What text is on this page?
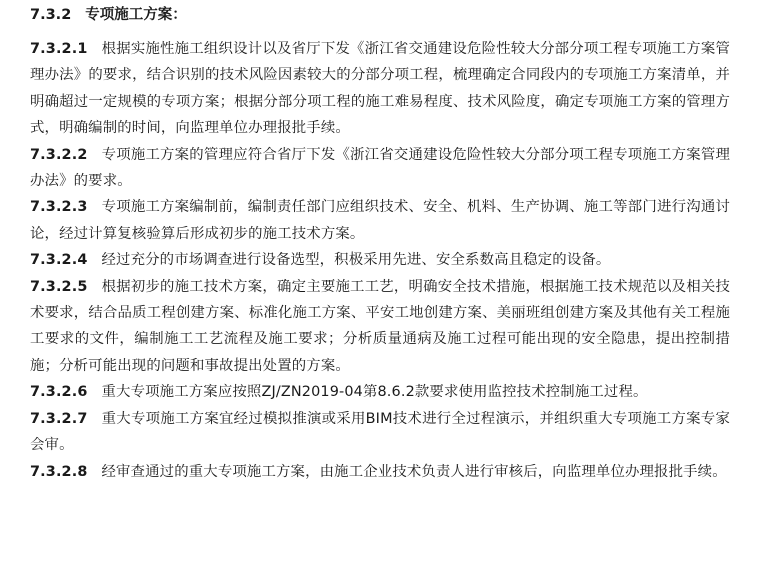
7.3.2 专项施工方案：

7.3.2.1 根据实施性施工组织设计以及省厅下发《浙江省交通建设危险性较大分部分项工程专项施工方案管理办法》的要求，结合识别的技术风险因素较大的分部分项工程，梳理确定合同段内的专项施工方案清单，并明确超过一定规模的专项方案；根据分部分项工程的施工难易程度、技术风险度，确定专项施工方案的管理方式，明确编制的时间，向监理单位办理报批手续。

7.3.2.2 专项施工方案的管理应符合省厅下发《浙江省交通建设危险性较大分部分项工程专项施工方案管理办法》的要求。

7.3.2.3 专项施工方案编制前，编制责任部门应组织技术、安全、机料、生产协调、施工等部门进行沟通讨论，经过计算复核验算后形成初步的施工技术方案。

7.3.2.4 经过充分的市场调查进行设备选型，积极采用先进、安全系数高且稳定的设备。

7.3.2.5 根据初步的施工技术方案，确定主要施工工艺，明确安全技术措施，根据施工技术规范以及相关技术要求，结合品质工程创建方案、标准化施工方案、平安工地创建方案、美丽班组创建方案及其他有关工程施工要求的文件，编制施工工艺流程及施工要求；分析质量通病及施工过程可能出现的安全隐患，提出控制措施；分析可能出现的问题和事故提出处置的方案。

7.3.2.6 重大专项施工方案应按照ZJ/ZN2019-04第8.6.2款要求使用监控技术控制施工过程。

7.3.2.7 重大专项施工方案宜经过模拟推演或采用BIM技术进行全过程演示，并组织重大专项施工方案专家会审。

7.3.2.8 经审查通过的重大专项施工方案，由施工企业技术负责人进行审核后，向监理单位办理报批手续。
